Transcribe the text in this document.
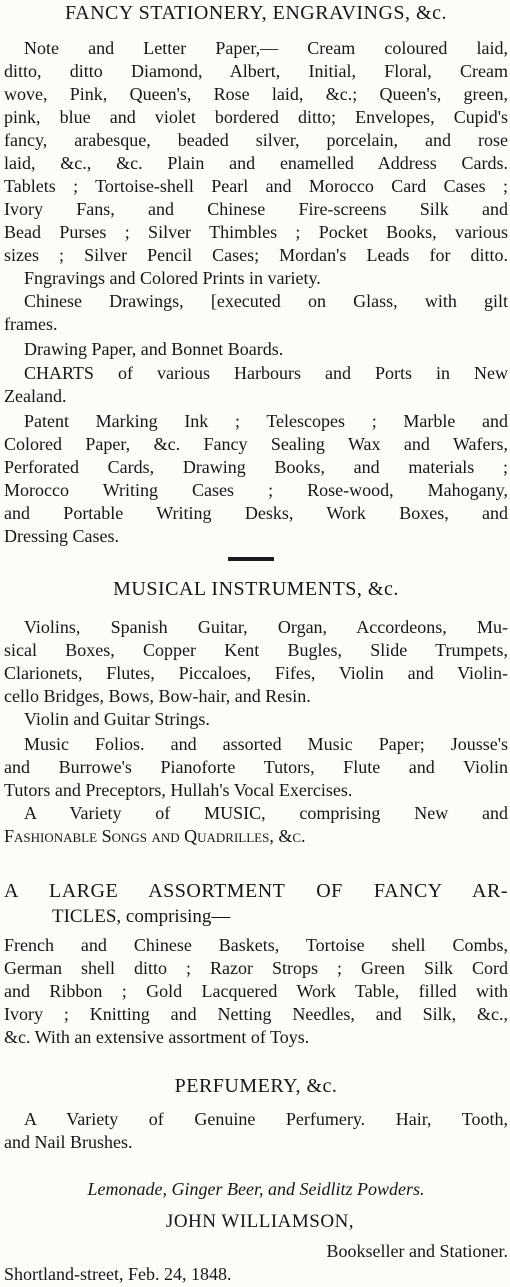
FANCY STATIONERY, ENGRAVINGS, &c.
Note and Letter Paper,— Cream coloured laid,
ditto, ditto Diamond, Albert, Initial, Floral, Cream
wove, Pink, Queen's, Rose laid, &c.; Queen's, green,
pink, blue and violet bordered ditto; Envelopes, Cupid's
fancy, arabesque, beaded silver, porcelain, and rose
laid, &c., &c. Plain and enamelled Address Cards.
Tablets ; Tortoise-shell Pearl and Morocco Card Cases ;
Ivory Fans, and Chinese Fire-screens Silk and
Bead Purses ; Silver Thimbles ; Pocket Books, various
sizes ; Silver Pencil Cases; Mordan's Leads for ditto.
Fngravings and Colored Prints in variety.
Chinese Drawings, [executed on Glass, with gilt
frames.
Drawing Paper, and Bonnet Boards.
CHARTS of various Harbours and Ports in New
Zealand.
Patent Marking Ink ; Telescopes ; Marble and
Colored Paper, &c. Fancy Sealing Wax and Wafers,
Perforated Cards, Drawing Books, and materials ;
Morocco Writing Cases ; Rose-wood, Mahogany,
and Portable Writing Desks, Work Boxes, and
Dressing Cases.
MUSICAL INSTRUMENTS, &c.
Violins, Spanish Guitar, Organ, Accordeons, Mu-
sical Boxes, Copper Kent Bugles, Slide Trumpets,
Clarionets, Flutes, Piccaloes, Fifes, Violin and Violin-
cello Bridges, Bows, Bow-hair, and Resin.
Violin and Guitar Strings.
Music Folios. and assorted Music Paper; Jousse's
and Burrowe's Pianoforte Tutors, Flute and Violin
Tutors and Preceptors, Hullah's Vocal Exercises.
A Variety of MUSIC, comprising New and
Fashionable Songs and Quadrilles, &c.
A LARGE ASSORTMENT OF FANCY AR-
TICLES, comprising—
French and Chinese Baskets, Tortoise shell Combs,
German shell ditto ; Razor Strops ; Green Silk Cord
and Ribbon ; Gold Lacquered Work Table, filled with
Ivory ; Knitting and Netting Needles, and Silk, &c.,
&c. With an extensive assortment of Toys.
PERFUMERY, &c.
A Variety of Genuine Perfumery. Hair, Tooth,
and Nail Brushes.
Lemonade, Ginger Beer, and Seidlitz Powders.
JOHN WILLIAMSON,
Bookseller and Stationer.
Shortland-street, Feb. 24, 1848.
